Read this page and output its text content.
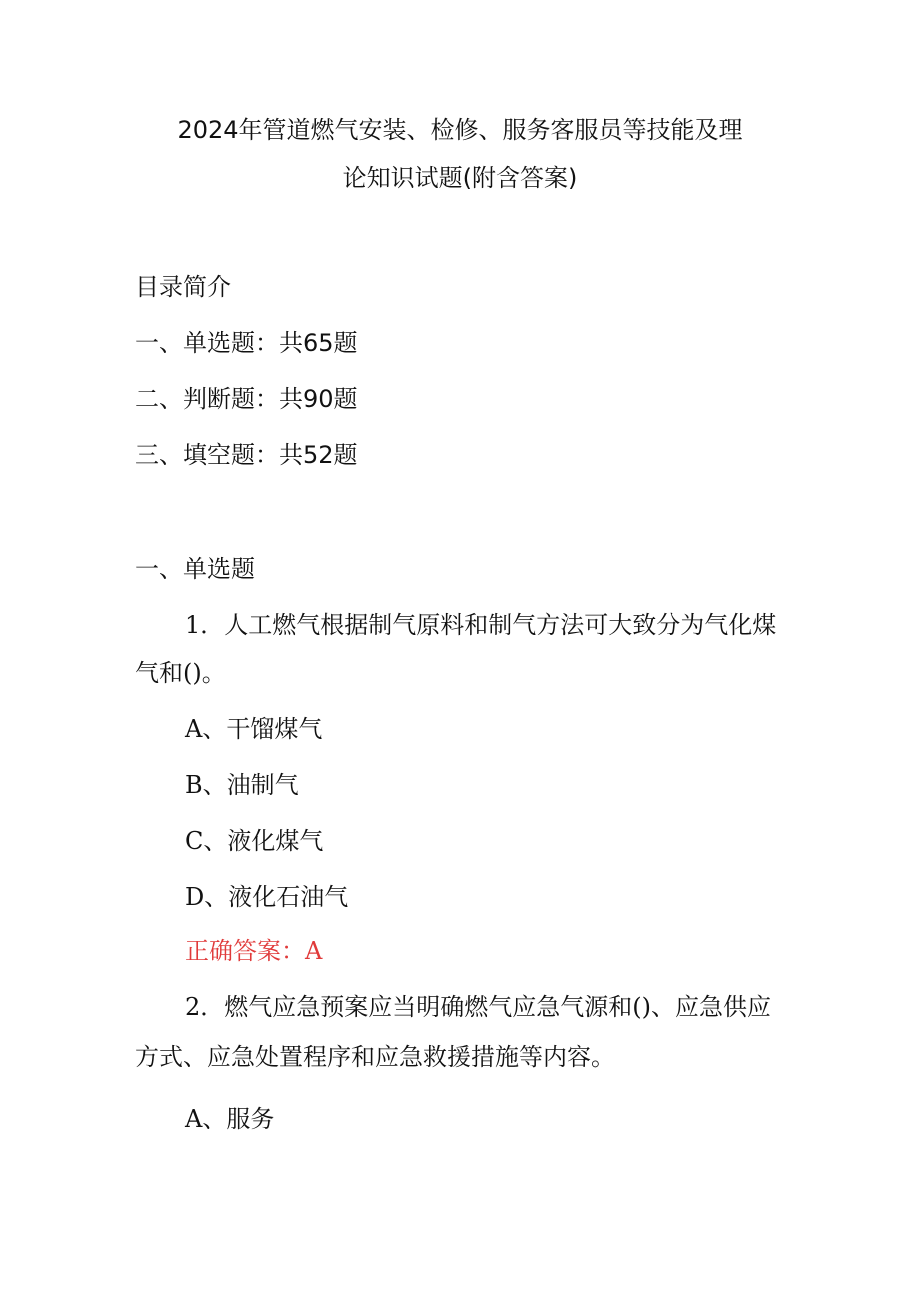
2024年管道燃气安装、检修、服务客服员等技能及理
论知识试题(附含答案)
目录简介
一、单选题：共65题
二、判断题：共90题
三、填空题：共52题
一、单选题
1．人工燃气根据制气原料和制气方法可大致分为气化煤
气和()。
A、干馏煤气
B、油制气
C、液化煤气
D、液化石油气
正确答案：A
2．燃气应急预案应当明确燃气应急气源和()、应急供应
方式、应急处置程序和应急救援措施等内容。
A、服务
